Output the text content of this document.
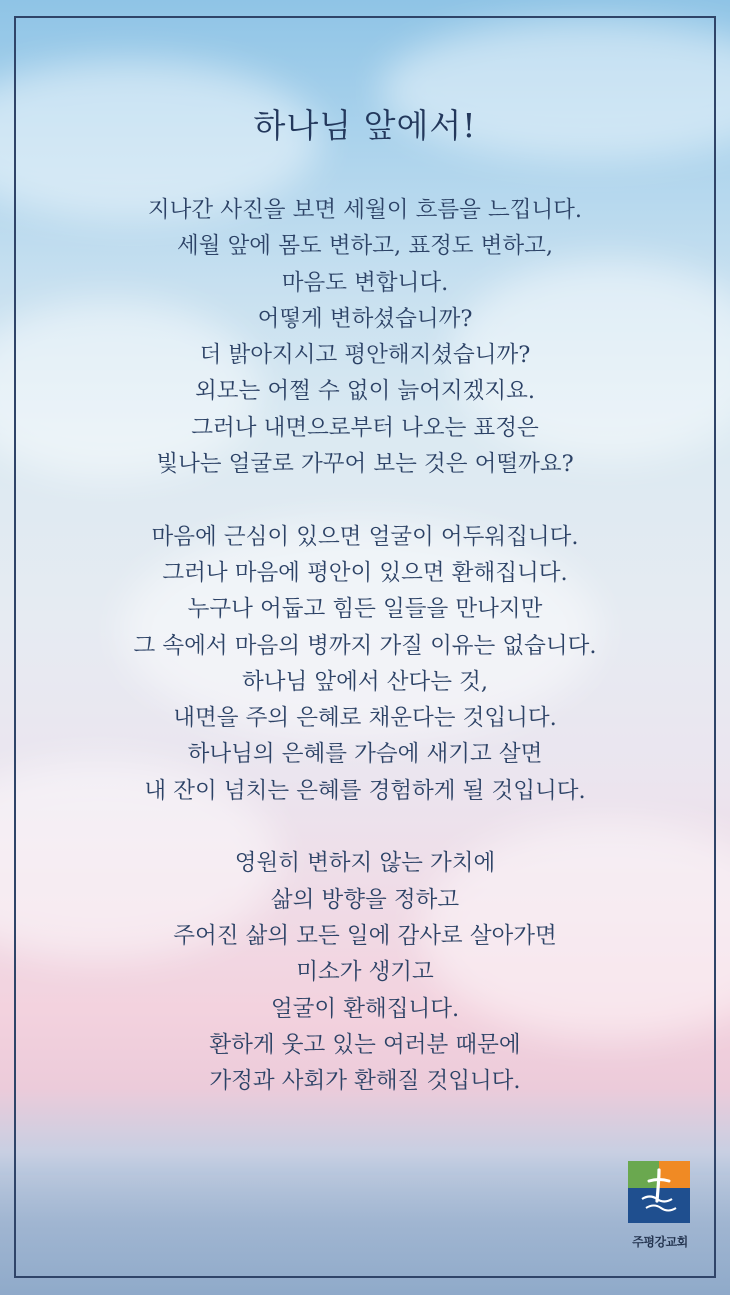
하나님 앞에서!
지나간 사진을 보면 세월이 흐름을 느낍니다.
세월 앞에 몸도 변하고, 표정도 변하고,
마음도 변합니다.
어떻게 변하셨습니까?
더 밝아지시고 평안해지셨습니까?
외모는 어쩔 수 없이 늙어지겠지요.
그러나 내면으로부터 나오는 표정은
빛나는 얼굴로 가꾸어 보는 것은 어떨까요?
마음에 근심이 있으면 얼굴이 어두워집니다.
그러나 마음에 평안이 있으면 환해집니다.
누구나 어둡고 힘든 일들을 만나지만
그 속에서 마음의 병까지 가질 이유는 없습니다.
하나님 앞에서 산다는 것,
내면을 주의 은혜로 채운다는 것입니다.
하나님의 은혜를 가슴에 새기고 살면
내 잔이 넘치는 은혜를 경험하게 될 것입니다.
영원히 변하지 않는 가치에
삶의 방향을 정하고
주어진 삶의 모든 일에 감사로 살아가면
미소가 생기고
얼굴이 환해집니다.
환하게 웃고 있는 여러분 때문에
가정과 사회가 환해질 것입니다.
주평강교회
